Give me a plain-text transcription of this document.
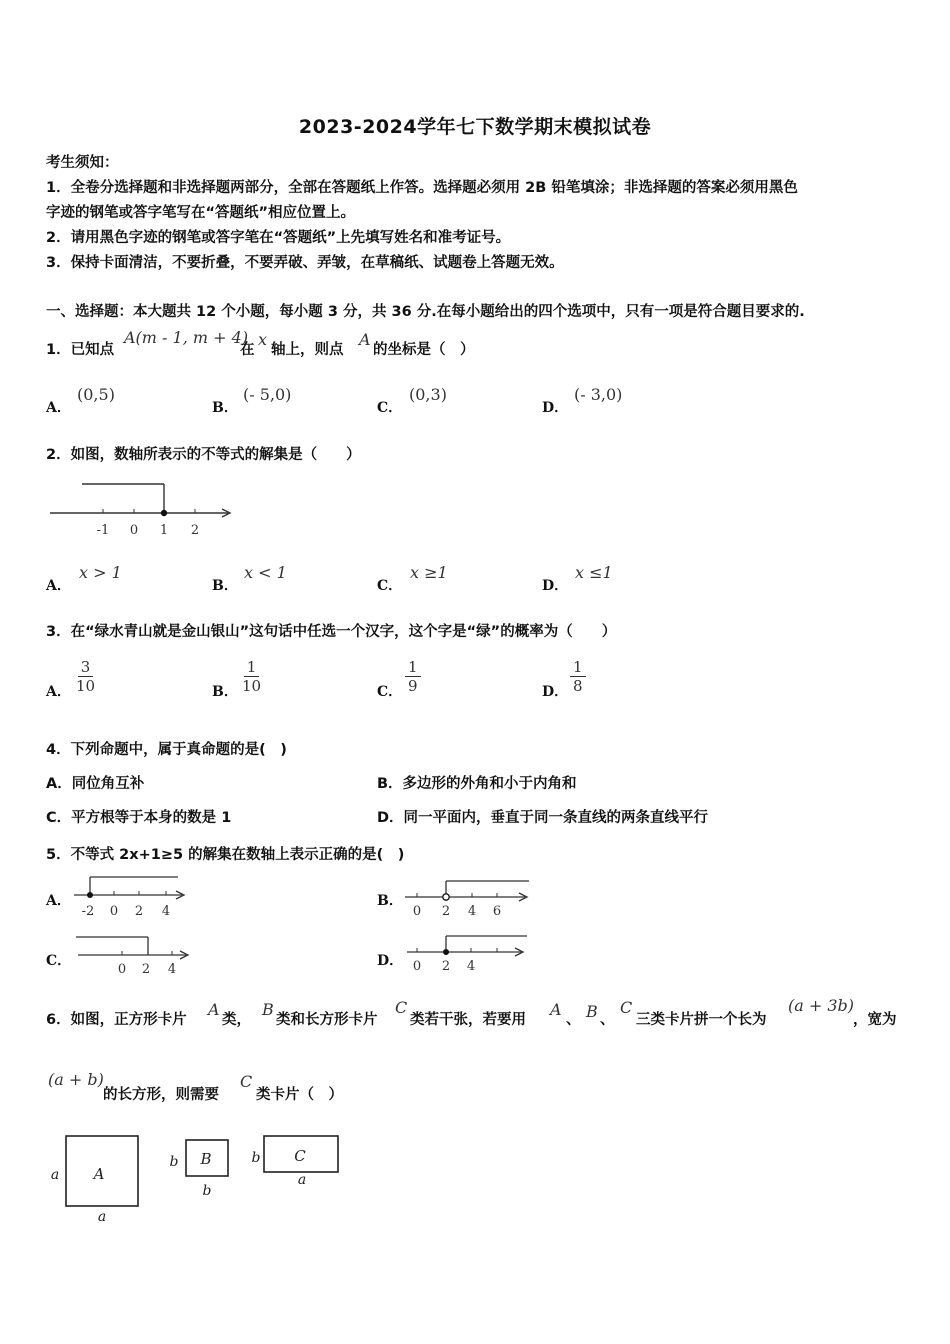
2023-2024学年七下数学期末模拟试卷
考生须知：
1．全卷分选择题和非选择题两部分，全部在答题纸上作答。选择题必须用 2B 铅笔填涂；非选择题的答案必须用黑色
字迹的钢笔或答字笔写在“答题纸”相应位置上。
2．请用黑色字迹的钢笔或答字笔在“答题纸”上先填写姓名和准考证号。
3．保持卡面清洁，不要折叠，不要弄破、弄皱，在草稿纸、试题卷上答题无效。
一、选择题：本大题共 12 个小题，每小题 3 分，共 36 分.在每小题给出的四个选项中，只有一项是符合题目要求的.
1．已知点
A(m - 1, m + 4)
在
x
轴上，则点
A
的坐标是（　）
A．
(0,5)
B．
(- 5,0)
C．
(0,3)
D．
(- 3,0)
2．如图，数轴所表示的不等式的解集是（　　）
-1 0 1 2
A．
x > 1
B．
x < 1
C．
x ≥1
D．
x ≤1
3．在“绿水青山就是金山银山”这句话中任选一个汉字，这个字是“绿”的概率为（　　）
A． $\frac{3}{10}$	B． $\frac{1}{10}$	C． $\frac{1}{9}$	D． $\frac{1}{8}$
4．下列命题中，属于真命题的是(　)
A．同位角互补	B．多边形的外角和小于内角和
C．平方根等于本身的数是 1	D．同一平面内，垂直于同一条直线的两条直线平行
5．不等式 2x+1≥5 的解集在数轴上表示正确的是(　)
A．
-2 0 2 4
B．
0 2 4 6
C．
0 2 4
D． 0 2 4
6．如图，正方形卡片
A
类，
B
类和长方形卡片
C
类若干张，若要用
A
、 B 、
C
三类卡片拼一个长为
(a + 3b)
，宽为
(a + b)
的长方形，则需要
C
类卡片（　）
A
a
a
B
b
b
C
b
a
